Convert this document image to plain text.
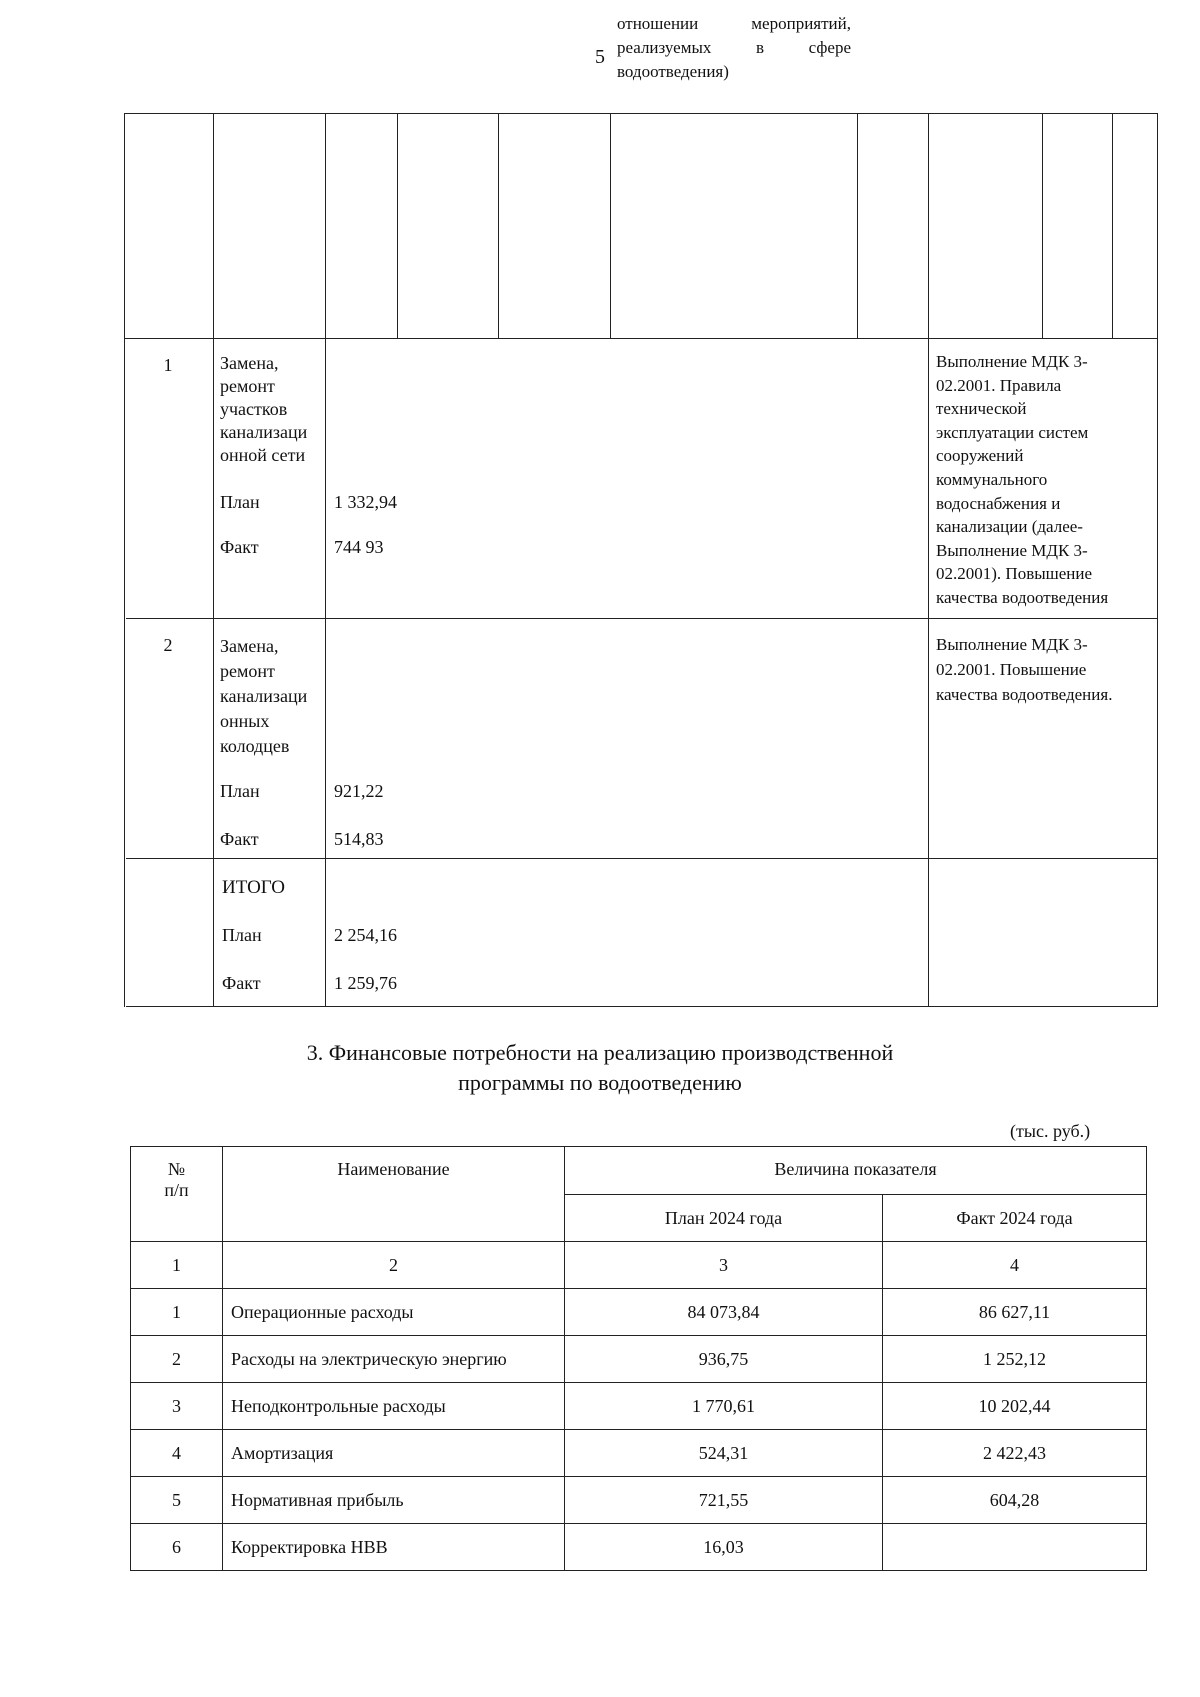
5
отношении мероприятий, реализуемых в сфере водоотведения)
1	Замена,
ремонт
участков
канализаци
онной сети
План	1 332,94
Факт	744 93
Выполнение МДК 3-
02.2001. Правила
технической
эксплуатации систем
сооружений
коммунального
водоснабжения и
канализации (далее-
Выполнение МДК 3-
02.2001). Повышение
качества водоотведения
2	Замена,
ремонт
канализаци
онных
колодцев
План	921,22
Факт	514,83
Выполнение МДК 3-
02.2001. Повышение
качества водоотведения.
ИТОГО
План	2 254,16
Факт	1 259,76
3. Финансовые потребности на реализацию производственной
программы по водоотведению
(тыс. руб.)
№
п/п	Наименование	Величина показателя	
		План 2024 года	Факт 2024 года
1	2	3	4
1	Операционные расходы	84 073,84	86 627,11
2	Расходы на электрическую энергию	936,75	1 252,12
3	Неподконтрольные расходы	1 770,61	10 202,44
4	Амортизация	524,31	2 422,43
5	Нормативная прибыль	721,55	604,28
6	Корректировка НВВ	16,03	
